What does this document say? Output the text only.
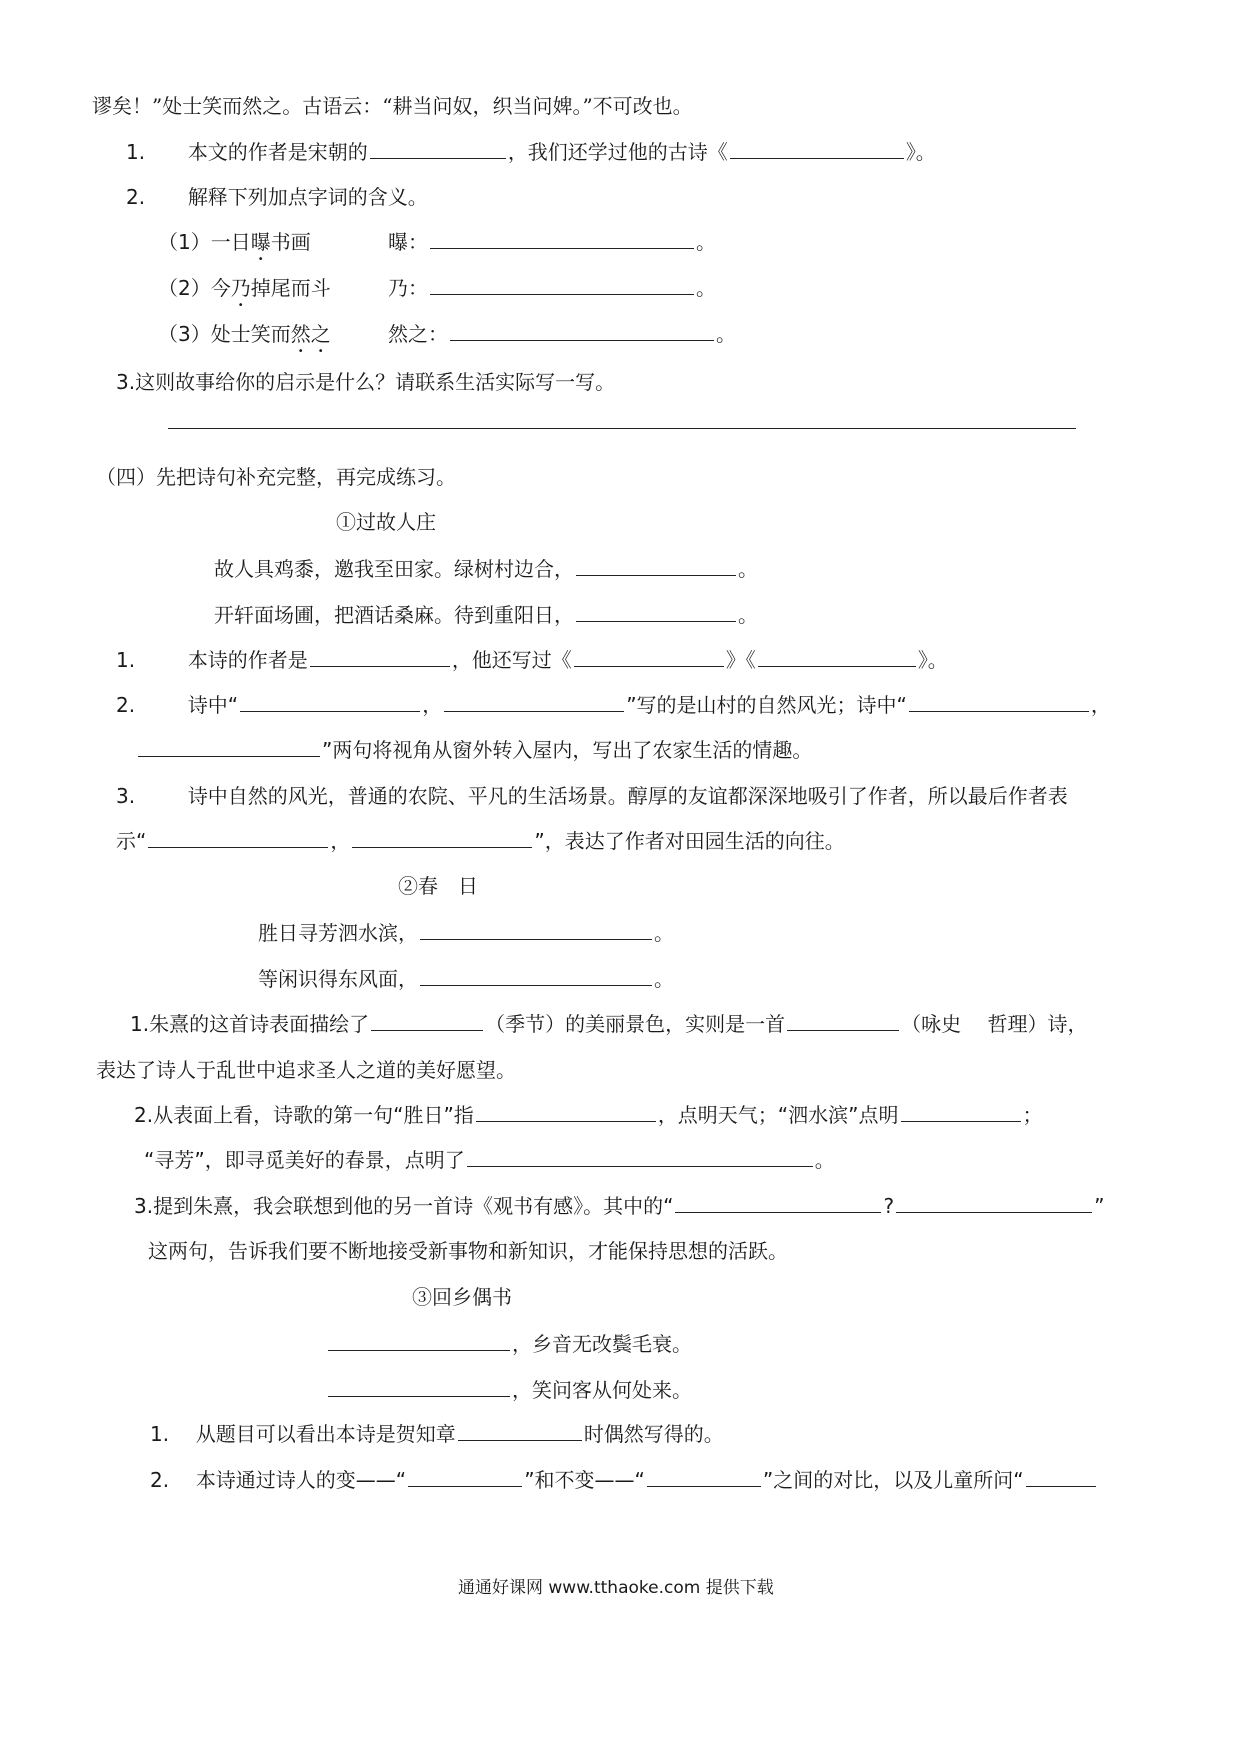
谬矣！”处士笑而然之。古语云：“耕当问奴，织当问婢。”不可改也。
1. 本文的作者是宋朝的	，我们还学过他的古诗《	》。
2. 解释下列加点字词的含义。
（1）一日曝书画	曝：	。
（2）今乃掉尾而斗	乃：	。
（3）处士笑而然之	然之：	。
3.这则故事给你的启示是什么？请联系生活实际写一写。
（四）先把诗句补充完整，再完成练习。
①过故人庄
故人具鸡黍，邀我至田家。绿树村边合，	。
开轩面场圃，把酒话桑麻。待到重阳日，	。
1.	本诗的作者是	，他还写过《	》《	》。
2.	诗中“	，	”写的是山村的自然风光；诗中“	，
”两句将视角从窗外转入屋内，写出了农家生活的情趣。
3.	诗中自然的风光，普通的农院、平凡的生活场景。醇厚的友谊都深深地吸引了作者，所以最后作者表
示“	，	”，表达了作者对田园生活的向往。
②春　日
胜日寻芳泗水滨，	。
等闲识得东风面，	。
1.朱熹的这首诗表面描绘了	（季节）的美丽景色，实则是一首	（咏史　 哲理）诗，
表达了诗人于乱世中追求圣人之道的美好愿望。
2.从表面上看，诗歌的第一句“胜日”指	，点明天气；“泗水滨”点明	；
“寻芳”，即寻觅美好的春景，点明了	。
3.提到朱熹，我会联想到他的另一首诗《观书有感》。其中的“	?	”
这两句，告诉我们要不断地接受新事物和新知识，才能保持思想的活跃。
③回乡偶书
，乡音无改鬓毛衰。
，笑问客从何处来。
1. 从题目可以看出本诗是贺知章	时偶然写得的。
2. 本诗通过诗人的变——“	”和不变——“	”之间的对比，以及儿童所问“
通通好课网 www.tthaoke.com 提供下载
